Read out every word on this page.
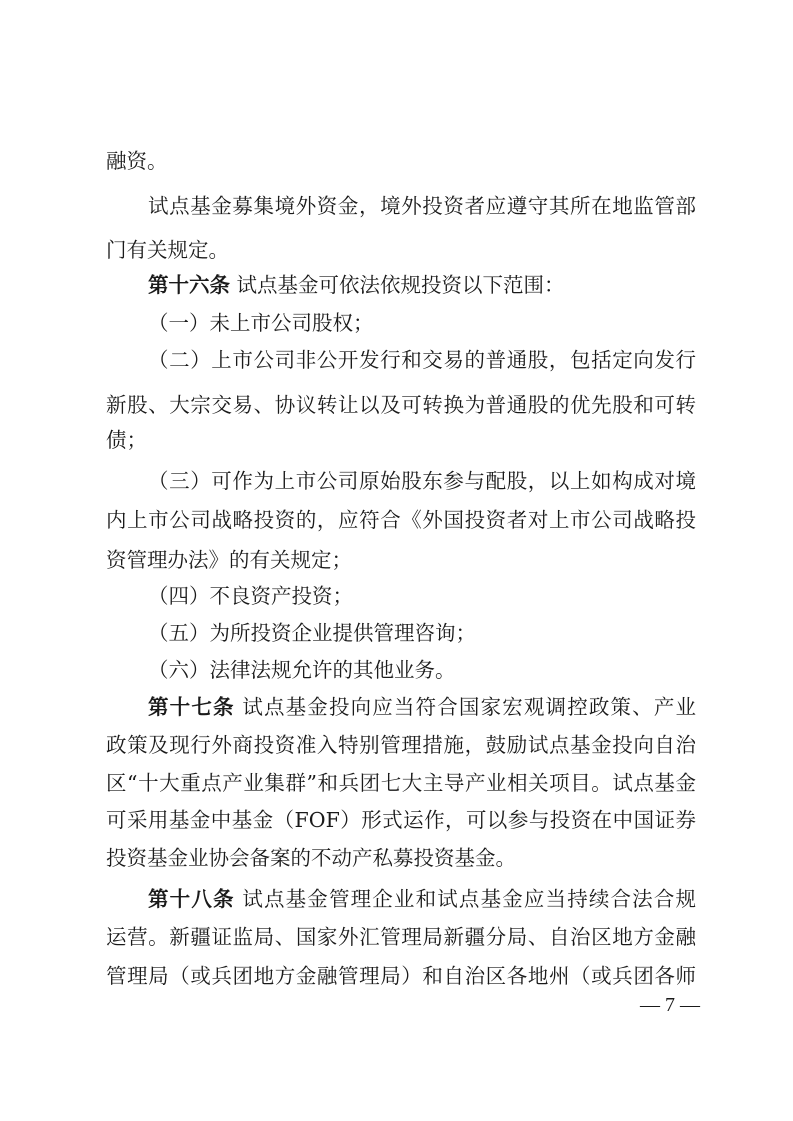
融资。
试点基金募集境外资金，境外投资者应遵守其所在地监管部
门有关规定。
第十六条 试点基金可依法依规投资以下范围：
（一）未上市公司股权；
（二）上市公司非公开发行和交易的普通股，包括定向发行
新股、大宗交易、协议转让以及可转换为普通股的优先股和可转
债；
（三）可作为上市公司原始股东参与配股，以上如构成对境
内上市公司战略投资的，应符合《外国投资者对上市公司战略投
资管理办法》的有关规定；
（四）不良资产投资；
（五）为所投资企业提供管理咨询；
（六）法律法规允许的其他业务。
第十七条 试点基金投向应当符合国家宏观调控政策、产业
政策及现行外商投资准入特别管理措施，鼓励试点基金投向自治
区“十大重点产业集群”和兵团七大主导产业相关项目。试点基金
可采用基金中基金（FOF）形式运作，可以参与投资在中国证券
投资基金业协会备案的不动产私募投资基金。
第十八条 试点基金管理企业和试点基金应当持续合法合规
运营。新疆证监局、国家外汇管理局新疆分局、自治区地方金融
管理局（或兵团地方金融管理局）和自治区各地州（或兵团各师
— 7 —
